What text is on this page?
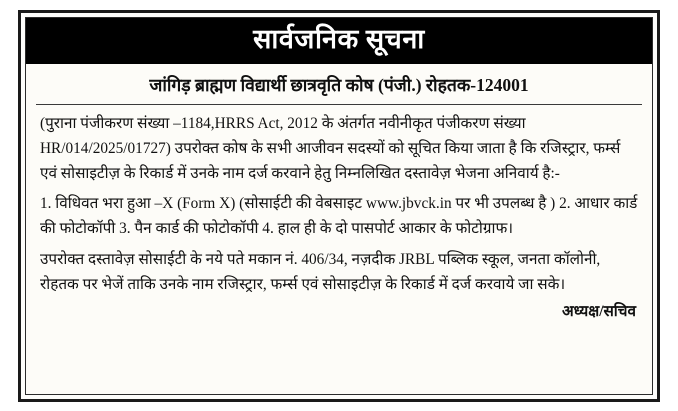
सार्वजनिक सूचना
जांगिड़ ब्राह्मण विद्यार्थी छात्रवृति कोष (पंजी.) रोहतक-124001

(पुराना पंजीकरण संख्या –1184,HRRS Act, 2012 के अंतर्गत नवीनीकृत पंजीकरण संख्या HR/014/2025/01727) उपरोक्त कोष के सभी आजीवन सदस्यों को सूचित किया जाता है कि रजिस्ट्रार, फर्म्स एवं सोसाइटीज़ के रिकार्ड में उनके नाम दर्ज करवाने हेतु निम्नलिखित दस्तावेज़ भेजना अनिवार्य है:-

1. विधिवत भरा हुआ –X (Form X) (सोसाईटी की वेबसाइट www.jbvck.in पर भी उपलब्ध है ) 2. आधार कार्ड की फोटोकॉपी 3. पैन कार्ड की फोटोकॉपी 4. हाल ही के दो पासपोर्ट आकार के फोटोग्राफ।

उपरोक्त दस्तावेज़ सोसाईटी के नये पते मकान नं. 406/34, नज़दीक JRBL पब्लिक स्कूल, जनता कॉलोनी, रोहतक पर भेजें ताकि उनके नाम रजिस्ट्रार, फर्म्स एवं सोसाइटीज़ के रिकार्ड में दर्ज करवाये जा सके।

अध्यक्ष/सचिव
